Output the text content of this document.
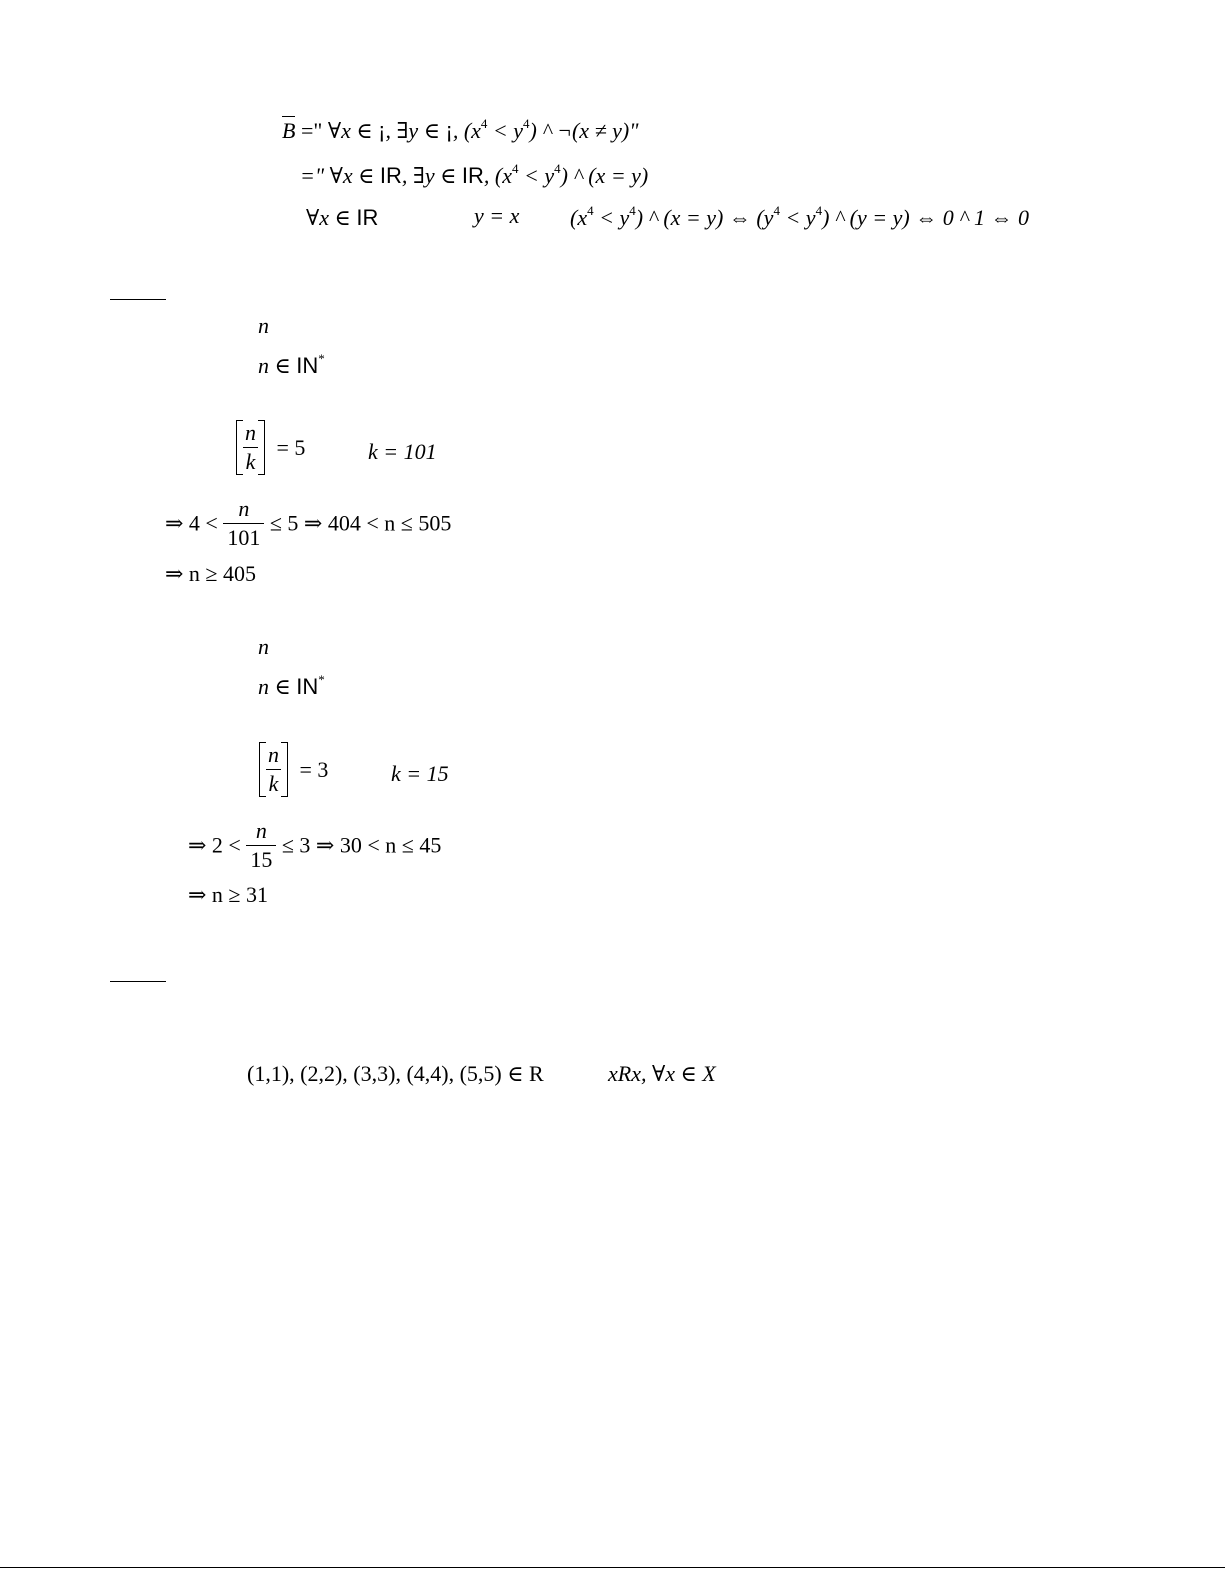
B =" ∀x ∈ ¡, ∃y ∈ ¡, $(x^4 < y^4)$ ^ ¬(x ≠ y)"
=" ∀x ∈ IR, ∃y ∈ IR, $(x^4 < y^4)$ ^ (x = y)
∀x ∈ IR	y = x $(x^4 < y^4)$ ^ (x = y) ⇔ $(y^4 < y^4)$ ^ (y = y) ⇔ 0 ^ 1 ⇔ 0
n
n ∈ IN*
$\frac{n}{k} = 5$	k = 101
⇒ $4 < \frac{n}{101} \le 5$ ⇒ 404 < n ≤ 505
⇒ n ≥ 405
n
n ∈ IN*
$\frac{n}{k} = 3$	k = 15
⇒ $2 < \frac{n}{15} \le 3$ ⇒ 30 < n ≤ 45
⇒ n ≥ 31
(1,1), (2,2), (3,3), (4,4), (5,5) ∈ R	xRx, ∀x ∈ X
